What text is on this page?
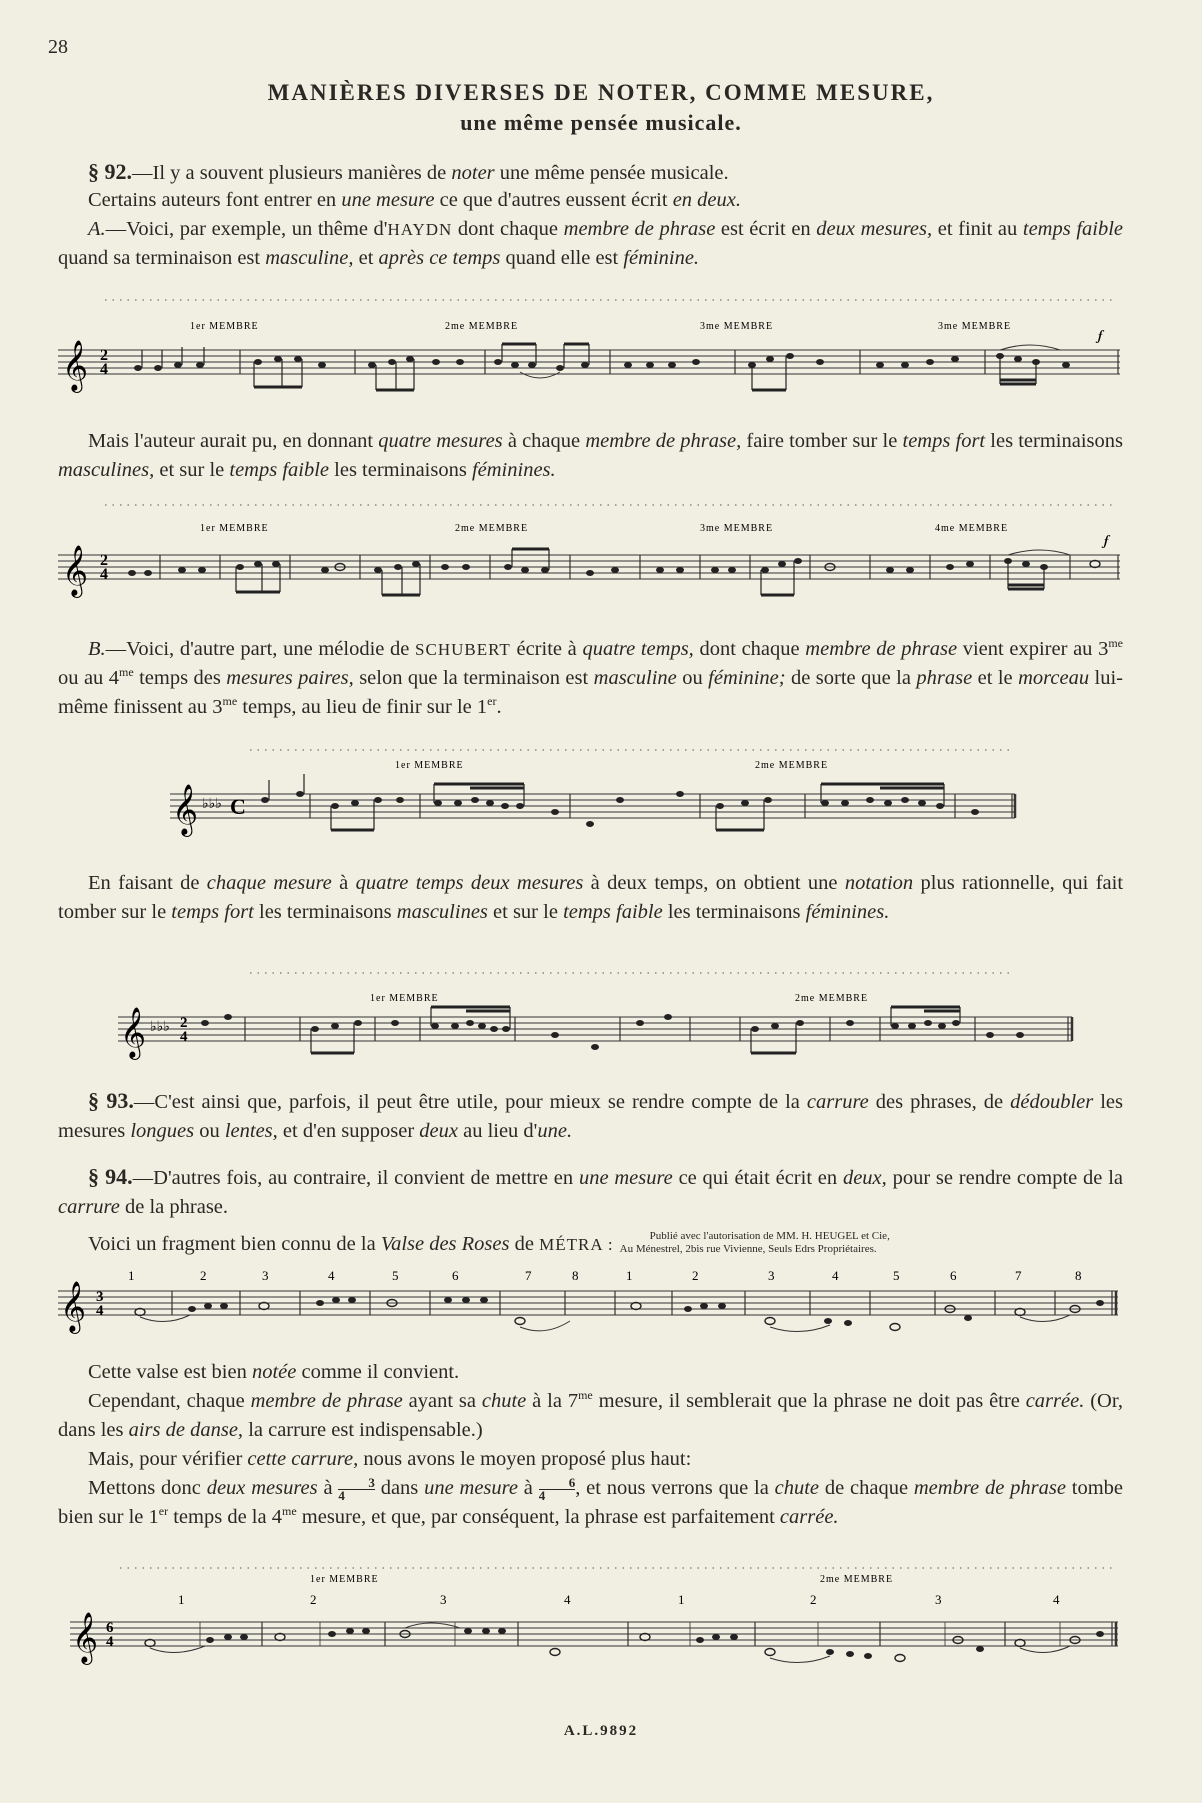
28
MANIÈRES DIVERSES DE NOTER, COMME MESURE,
une même pensée musicale.
§ 92.—Il y a souvent plusieurs manières de noter une même pensée musicale.
Certains auteurs font entrer en une mesure ce que d'autres eussent écrit en deux.
A.—Voici, par exemple, un thême d'HAYDN dont chaque membre de phrase est écrit en deux mesures, et finit au temps faible quand sa terminaison est masculine, et après ce temps quand elle est féminine.
1er MEMBRE	2me MEMBRE	3me MEMBRE	3me MEMBRE
𝄞 2
4
𝆑
Mais l'auteur aurait pu, en donnant quatre mesures à chaque membre de phrase, faire tomber sur le temps fort les terminaisons masculines, et sur le temps faible les terminaisons féminines.
1er MEMBRE	2me MEMBRE	3me MEMBRE	4me MEMBRE
𝄞 2
4
𝆑
B.—Voici, d'autre part, une mélodie de SCHUBERT écrite à quatre temps, dont chaque membre de phrase vient expirer au $3^{me}$ ou au $4^{me}$ temps des mesures paires, selon que la terminaison est masculine ou féminine; de sorte que la phrase et le morceau lui-même finissent au $3^{me}$ temps, au lieu de finir sur le 1er.
1er MEMBRE	2me MEMBRE
𝄞 ♭♭♭ C
En faisant de chaque mesure à quatre temps deux mesures à deux temps, on obtient une notation plus rationnelle, qui fait tomber sur le temps fort les terminaisons masculines et sur le temps faible les terminaisons féminines.
1er MEMBRE	2me MEMBRE
𝄞 ♭♭♭ 2
4
§ 93.—C'est ainsi que, parfois, il peut être utile, pour mieux se rendre compte de la carrure des phrases, de dédoubler les mesures longues ou lentes, et d'en supposer deux au lieu d'une.
§ 94.—D'autres fois, au contraire, il convient de mettre en une mesure ce qui était écrit en deux, pour se rendre compte de la carrure de la phrase.
Voici un fragment bien connu de la Valse des Roses de MÉTRA :	Publié avec l'autorisation de MM. H. HEUGEL et Cie,
Au Ménestrel, 2bis rue Vivienne, Seuls Edrs Propriétaires.
1	2	3	4	5	6	7	8	1	2	3	4	5	6	7	8
𝄞 3
4
Cette valse est bien notée comme il convient.
Cependant, chaque membre de phrase ayant sa chute à la $7^{me}$ mesure, il semblerait que la phrase ne doit pas être carrée. (Or, dans les airs de danse, la carrure est indispensable.)
Mais, pour vérifier cette carrure, nous avons le moyen proposé plus haut:
Mettons donc deux mesures à $\frac{3}{4}$ dans une mesure à $\frac{6}{4}$, et nous verrons que la chute de chaque membre de phrase tombe bien sur le 1er temps de la $4^{me}$ mesure, et que, par conséquent, la phrase est parfaitement carrée.
1er MEMBRE	2me MEMBRE
1	2	3	4	1	2	3	4
𝄞 6
4
A.L.9892
